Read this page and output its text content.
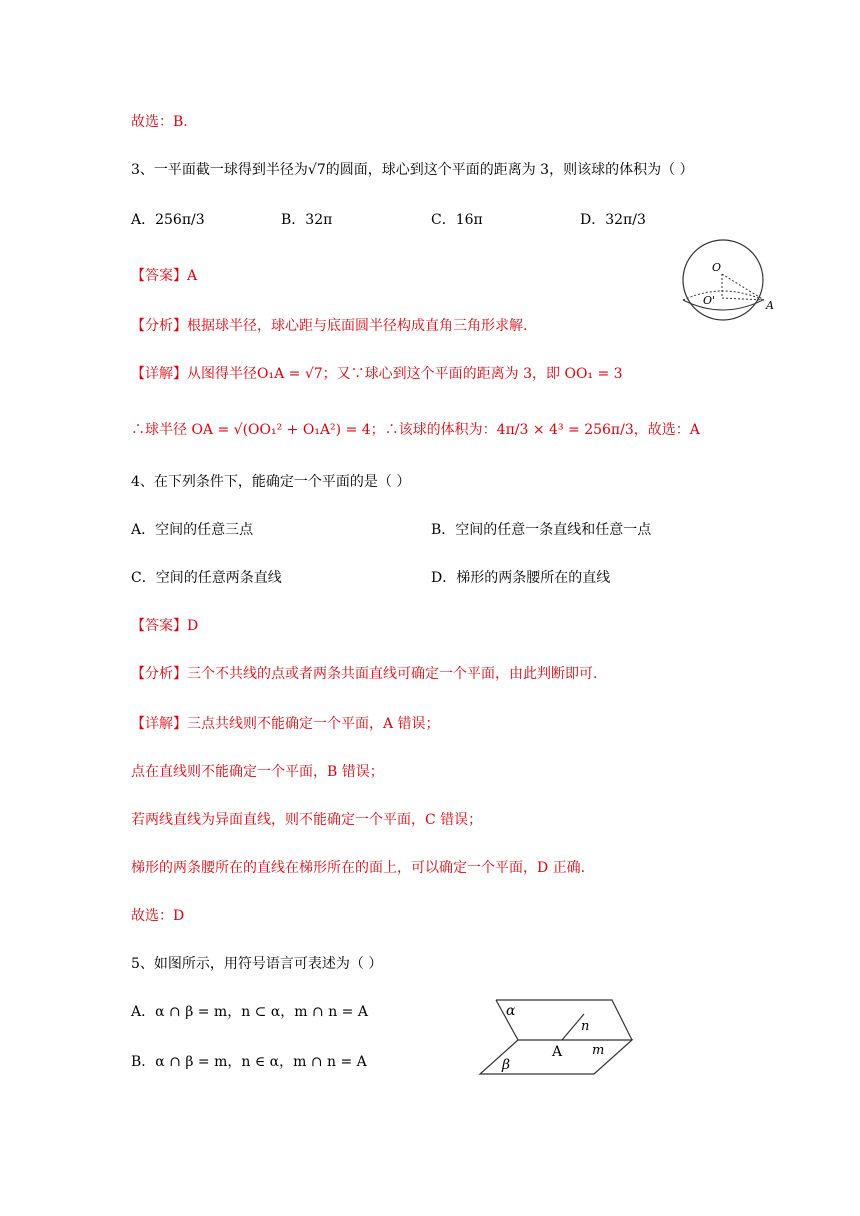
故选：B.
3、一平面截一球得到半径为√7的圆面，球心到这个平面的距离为 3，则该球的体积为（ ）
A．256π/3	B．32π	C．16π	D．32π/3
O
O'	A
【答案】A
【分析】根据球半径，球心距与底面圆半径构成直角三角形求解.
【详解】从图得半径O₁A = √7；又∵球心到这个平面的距离为 3，即 OO₁ = 3
∴球半径 OA = √(OO₁² + O₁A²) = 4；∴该球的体积为：4π/3 × 4³ = 256π/3，故选：A
4、在下列条件下，能确定一个平面的是（ ）
A．空间的任意三点	B．空间的任意一条直线和任意一点
C．空间的任意两条直线	D．梯形的两条腰所在的直线
【答案】D
【分析】三个不共线的点或者两条共面直线可确定一个平面，由此判断即可.
【详解】三点共线则不能确定一个平面，A 错误；
点在直线则不能确定一个平面，B 错误；
若两线直线为异面直线，则不能确定一个平面，C 错误；
梯形的两条腰所在的直线在梯形所在的面上，可以确定一个平面，D 正确.
故选：D
5、如图所示，用符号语言可表述为（ ）
A．α ∩ β = m，n ⊂ α，m ∩ n = A
B．α ∩ β = m，n ∈ α，m ∩ n = A
α
n
A m
β
